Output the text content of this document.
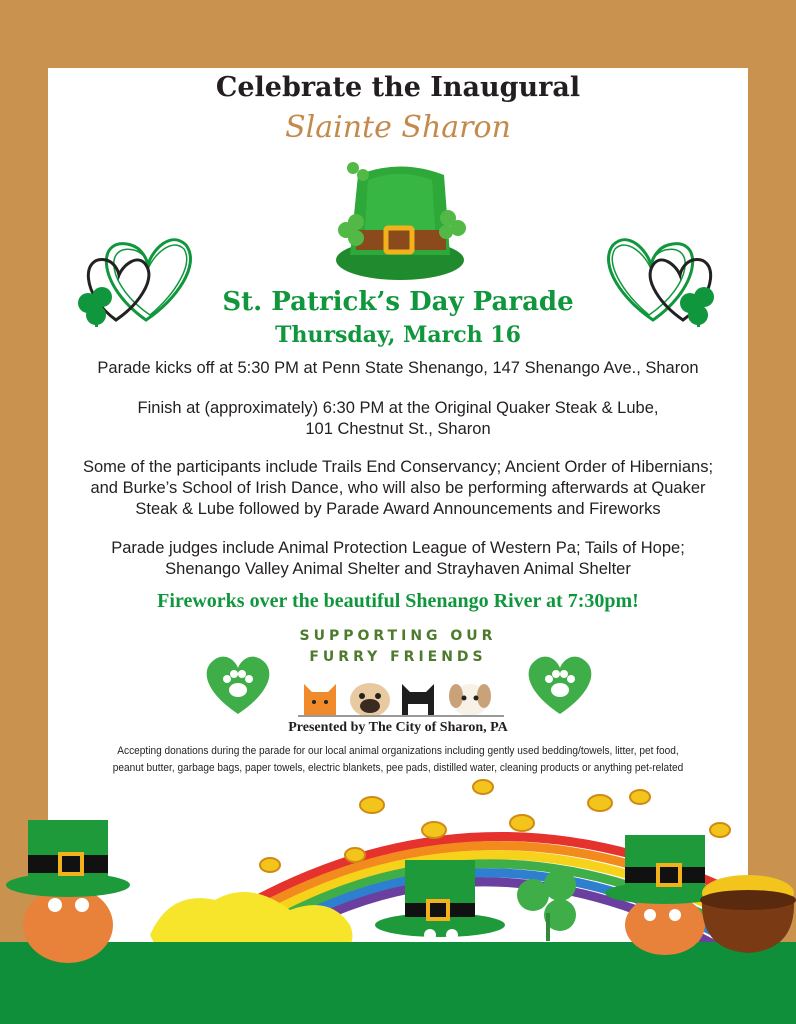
Celebrate the Inaugural
Slainte Sharon
St. Patrick’s Day Parade
Thursday, March 16
Parade kicks off at 5:30 PM at Penn State Shenango, 147 Shenango Ave., Sharon
Finish at (approximately) 6:30 PM at the Original Quaker Steak & Lube,
101 Chestnut St., Sharon
Some of the participants include Trails End Conservancy; Ancient Order of Hibernians;
and Burke’s School of Irish Dance, who will also be performing afterwards at Quaker
Steak & Lube followed by Parade Award Announcements and Fireworks
Parade judges include Animal Protection League of Western Pa; Tails of Hope;
Shenango Valley Animal Shelter and Strayhaven Animal Shelter
Fireworks over the beautiful Shenango River at 7:30pm!
SUPPORTING OUR
FURRY FRIENDS
Presented by The City of Sharon, PA
Accepting donations during the parade for our local animal organizations including gently used bedding/towels, litter, pet food,
peanut butter, garbage bags, paper towels, electric blankets, pee pads, distilled water, cleaning products or anything pet-related
